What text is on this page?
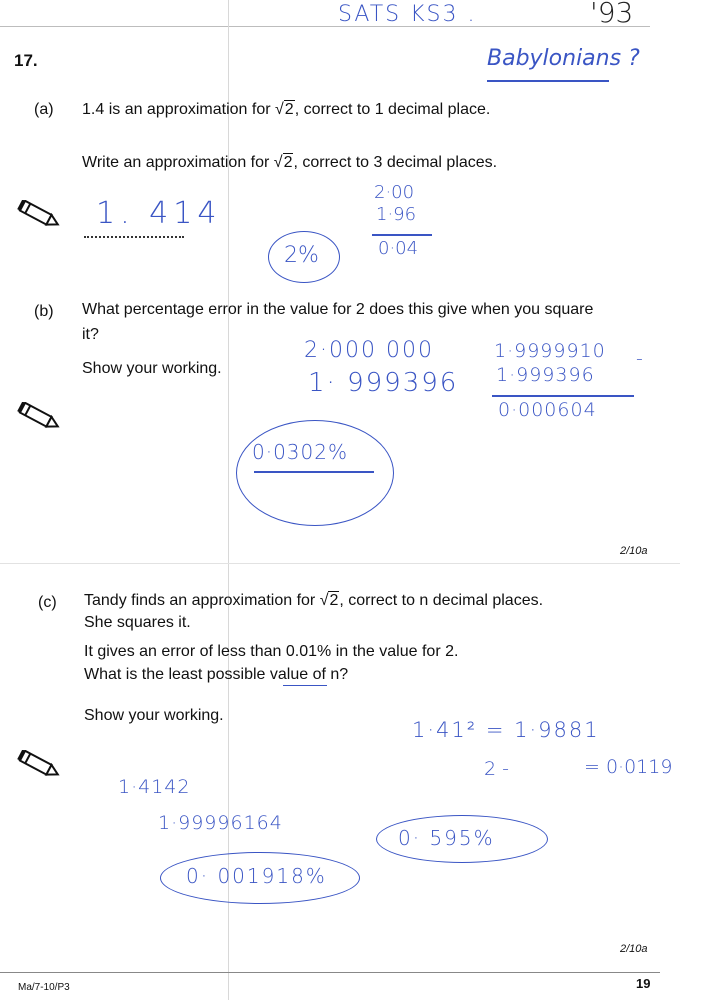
SATS KS3 .	'93
Babylonians ?
17.
(a) 1.4 is an approximation for √2, correct to 1 decimal place.
Write an approximation for √2, correct to 3 decimal places.
1. 414
2·00
1·96
0·04
2%
(b) What percentage error in the value for 2 does this give when you square
it?
Show your working.
2·000 000
1· 999396
1·9999910 -
1·999396
0·000604
0·0302%
2/10a
(c) Tandy finds an approximation for √2, correct to n decimal places.
She squares it.
It gives an error of less than 0.01% in the value for 2.
What is the least possible value of n?
Show your working.
1·41² = 1·9881
2 -	= 0·0119
1·4142
1·99996164
0· 595%
0· 001918%
2/10a
Ma/7-10/P3	19
